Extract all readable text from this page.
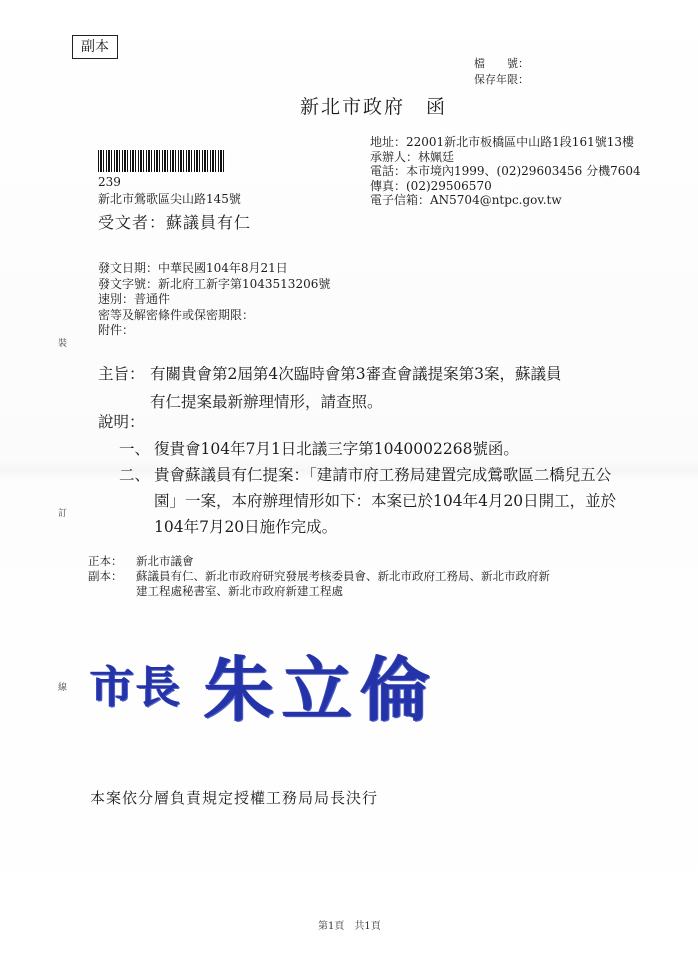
副本
檔　　號：
保存年限：
新北市政府　函
239
新北市鶯歌區尖山路145號
受文者：蘇議員有仁
地址：22001新北市板橋區中山路1段161號13樓
承辦人：林姵廷
電話：本市境內1999、(02)29603456 分機7604
傳真：(02)29506570
電子信箱：AN5704@ntpc.gov.tw
發文日期：中華民國104年8月21日
發文字號：新北府工新字第1043513206號
速別：普通件
密等及解密條件或保密期限：
附件：
裝
訂
線
主旨： 有關貴會第2屆第4次臨時會第3審查會議提案第3案，蘇議員
有仁提案最新辦理情形，請查照。
說明：
一、 復貴會104年7月1日北議三字第1040002268號函。
二、 貴會蘇議員有仁提案：「建請市府工務局建置完成鶯歌區二橋兒五公園」一案，本府辦理情形如下：本案已於104年4月20日開工，並於104年7月20日施作完成。
正本：	新北市議會
副本：	蘇議員有仁、新北市政府研究發展考核委員會、新北市政府工務局、新北市政府新建工程處秘書室、新北市政府新建工程處
市長 朱立倫
本案依分層負責規定授權工務局局長決行
第1頁　共1頁
